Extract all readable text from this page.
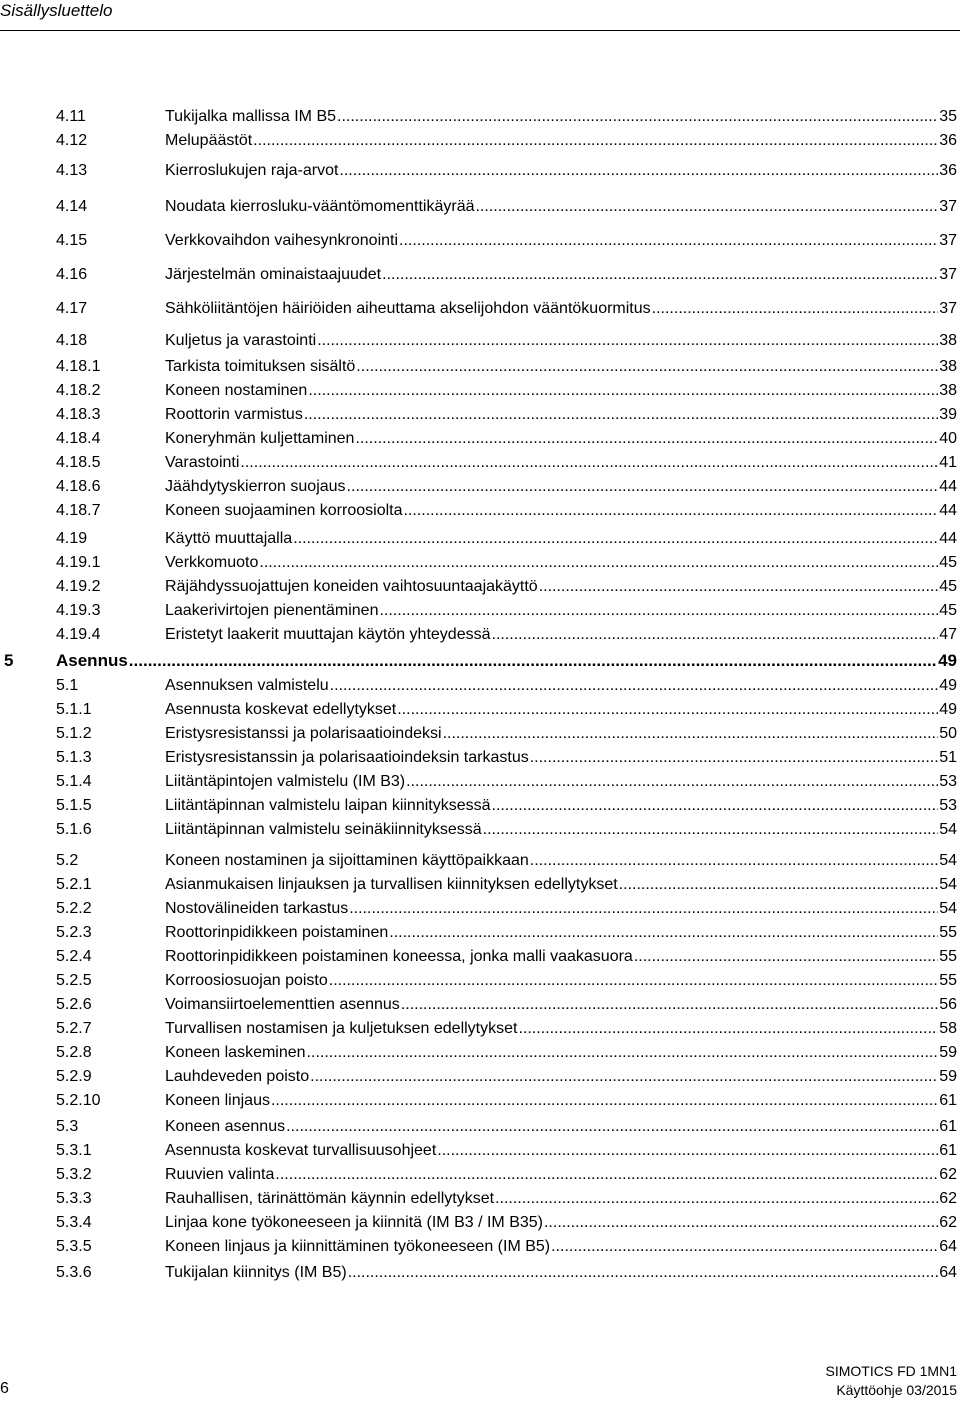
Sisällysluettelo
4.11	Tukijalka mallissa IM B5 .....	35
4.12	Melupäästöt .....	36
4.13	Kierroslukujen raja-arvot .....	36
4.14	Noudata kierrosluku-vääntömomenttikäyrää .....	37
4.15	Verkkovaihdon vaihesynkronointi .....	37
4.16	Järjestelmän ominaistaajuudet .....	37
4.17	Sähköliitäntöjen häiriöiden aiheuttama akselijohdon vääntökuormitus .....	37
4.18	Kuljetus ja varastointi .....	38
4.18.1	Tarkista toimituksen sisältö .....	38
4.18.2	Koneen nostaminen .....	38
4.18.3	Roottorin varmistus .....	39
4.18.4	Koneryhmän kuljettaminen .....	40
4.18.5	Varastointi .....	41
4.18.6	Jäähdytyskierron suojaus .....	44
4.18.7	Koneen suojaaminen korroosiolta .....	44
4.19	Käyttö muuttajalla .....	44
4.19.1	Verkkomuoto .....	45
4.19.2	Räjähdyssuojattujen koneiden vaihtosuuntaajakäyttö .....	45
4.19.3	Laakerivirtojen pienentäminen .....	45
4.19.4	Eristetyt laakerit muuttajan käytön yhteydessä .....	47
5	Asennus .....	49
5.1	Asennuksen valmistelu .....	49
5.1.1	Asennusta koskevat edellytykset .....	49
5.1.2	Eristysresistanssi ja polarisaatioindeksi .....	50
5.1.3	Eristysresistanssin ja polarisaatioindeksin tarkastus .....	51
5.1.4	Liitäntäpintojen valmistelu (IM B3) .....	53
5.1.5	Liitäntäpinnan valmistelu laipan kiinnityksessä .....	53
5.1.6	Liitäntäpinnan valmistelu seinäkiinnityksessä .....	54
5.2	Koneen nostaminen ja sijoittaminen käyttöpaikkaan .....	54
5.2.1	Asianmukaisen linjauksen ja turvallisen kiinnityksen edellytykset .....	54
5.2.2	Nostovälineiden tarkastus .....	54
5.2.3	Roottorinpidikkeen poistaminen .....	55
5.2.4	Roottorinpidikkeen poistaminen koneessa, jonka malli vaakasuora .....	55
5.2.5	Korroosiosuojan poisto .....	55
5.2.6	Voimansiirtoelementtien asennus .....	56
5.2.7	Turvallisen nostamisen ja kuljetuksen edellytykset .....	58
5.2.8	Koneen laskeminen .....	59
5.2.9	Lauhdeveden poisto .....	59
5.2.10	Koneen linjaus .....	61
5.3	Koneen asennus .....	61
5.3.1	Asennusta koskevat turvallisuusohjeet .....	61
5.3.2	Ruuvien valinta .....	62
5.3.3	Rauhallisen, tärinättömän käynnin edellytykset .....	62
5.3.4	Linjaa kone työkoneeseen ja kiinnitä (IM B3 / IM B35) .....	62
5.3.5	Koneen linjaus ja kiinnittäminen työkoneeseen (IM B5) .....	64
5.3.6	Tukijalan kiinnitys (IM B5) .....	64
6
SIMOTICS FD 1MN1
Käyttöohje 03/2015
